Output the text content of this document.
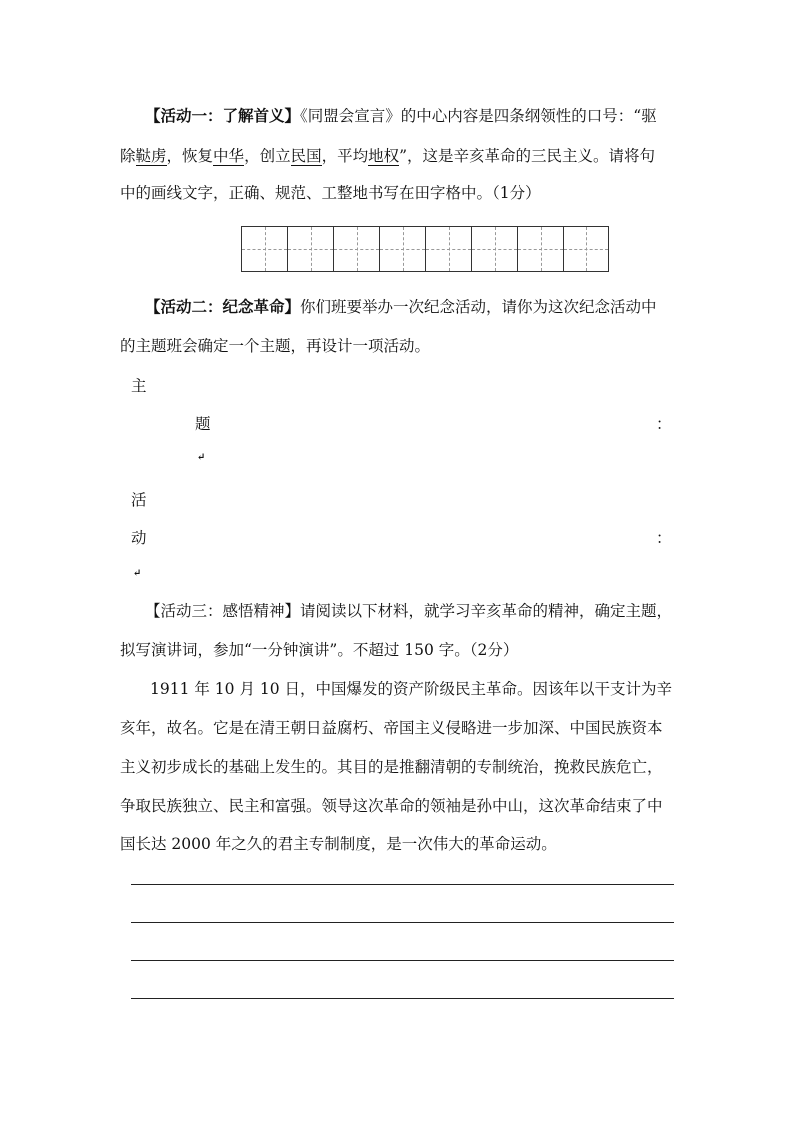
【活动一：了解首义】《同盟会宣言》的中心内容是四条纲领性的口号：“驱
除鞑虏，恢复中华，创立民国，平均地权”，这是辛亥革命的三民主义。请将句
中的画线文字，正确、规范、工整地书写在田字格中。（1分）
【活动二：纪念革命】你们班要举办一次纪念活动，请你为这次纪念活动中
的主题班会确定一个主题，再设计一项活动。
主
题	：
↵
活
动	：
↵
【活动三：感悟精神】请阅读以下材料，就学习辛亥革命的精神，确定主题，
拟写演讲词，参加“一分钟演讲”。不超过 150 字。（2分）
1911 年 10 月 10 日，中国爆发的资产阶级民主革命。因该年以干支计为辛
亥年，故名。它是在清王朝日益腐朽、帝国主义侵略进一步加深、中国民族资本
主义初步成长的基础上发生的。其目的是推翻清朝的专制统治，挽救民族危亡，
争取民族独立、民主和富强。领导这次革命的领袖是孙中山，这次革命结束了中
国长达 2000 年之久的君主专制制度，是一次伟大的革命运动。
